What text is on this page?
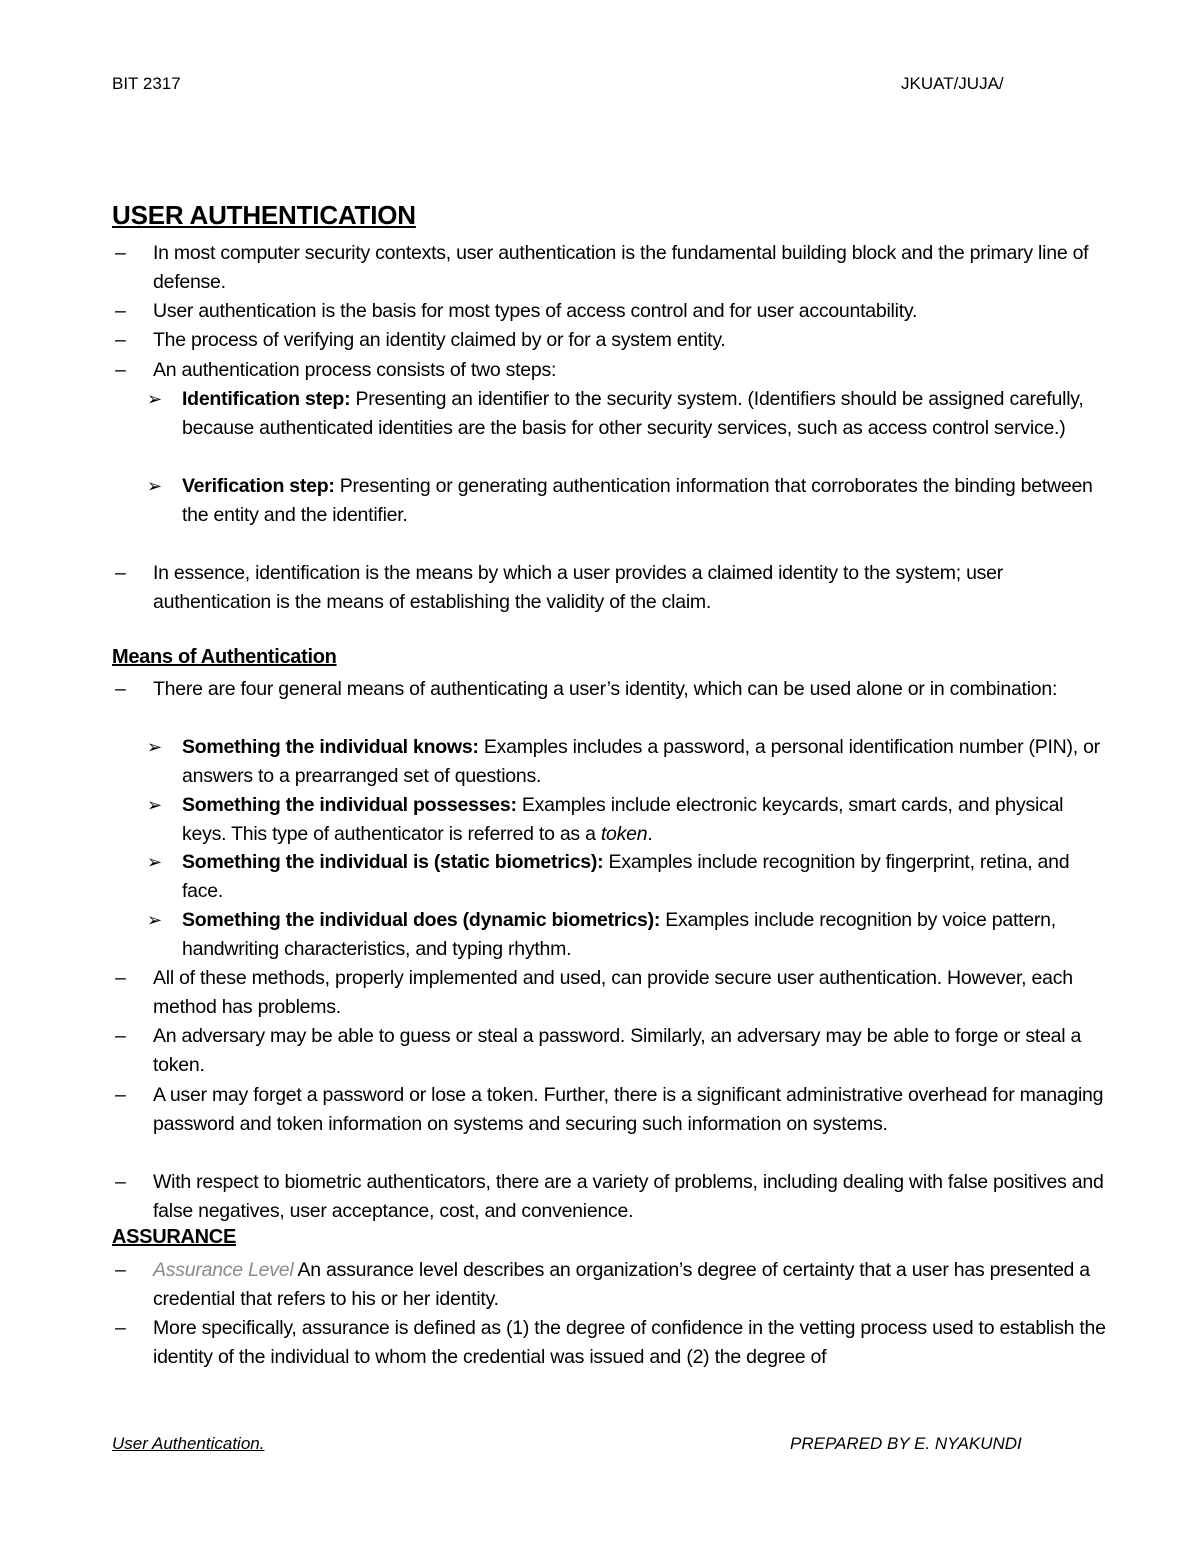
BIT 2317	JKUAT/JUJA/
USER AUTHENTICATION
– In most computer security contexts, user authentication is the fundamental building block and the primary line of defense.
– User authentication is the basis for most types of access control and for user accountability.
– The process of verifying an identity claimed by or for a system entity.
– An authentication process consists of two steps:
➢ Identification step: Presenting an identifier to the security system. (Identifiers should be assigned carefully, because authenticated identities are the basis for other security services, such as access control service.)
➢ Verification step: Presenting or generating authentication information that corroborates the binding between the entity and the identifier.
– In essence, identification is the means by which a user provides a claimed identity to the system; user authentication is the means of establishing the validity of the claim.
Means of Authentication
– There are four general means of authenticating a user’s identity, which can be used alone or in combination:
➢ Something the individual knows: Examples includes a password, a personal identification number (PIN), or answers to a prearranged set of questions.
➢ Something the individual possesses: Examples include electronic keycards, smart cards, and physical keys. This type of authenticator is referred to as a token.
➢ Something the individual is (static biometrics): Examples include recognition by fingerprint, retina, and face.
➢ Something the individual does (dynamic biometrics): Examples include recognition by voice pattern, handwriting characteristics, and typing rhythm.
– All of these methods, properly implemented and used, can provide secure user authentication. However, each method has problems.
– An adversary may be able to guess or steal a password. Similarly, an adversary may be able to forge or steal a token.
– A user may forget a password or lose a token. Further, there is a significant administrative overhead for managing password and token information on systems and securing such information on systems.
– With respect to biometric authenticators, there are a variety of problems, including dealing with false positives and false negatives, user acceptance, cost, and convenience.
ASSURANCE
– Assurance Level An assurance level describes an organization’s degree of certainty that a user has presented a credential that refers to his or her identity.
– More specifically, assurance is defined as (1) the degree of confidence in the vetting process used to establish the identity of the individual to whom the credential was issued and (2) the degree of
User Authentication.	PREPARED BY E. NYAKUNDI
